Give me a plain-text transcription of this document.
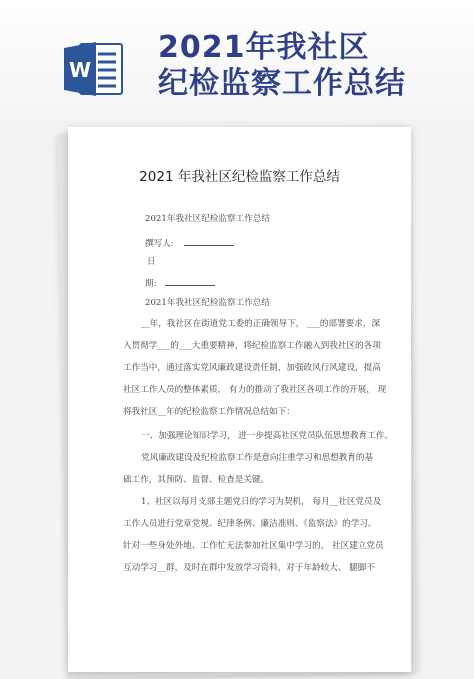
W
2021年我社区
纪检监察工作总结
2021 年我社区纪检监察工作总结
2021年我社区纪检监察工作总结
撰写人:
日
期:
2021年我社区纪检监察工作总结
__年，我社区在街道党工委的正确领导下， ___的部署要求，深
入贯彻学___的___大重要精神，将纪检监察工作融入到我社区的各项
工作当中，通过落实党风廉政建设责任制，加强政风行风建设，提高
社区工作人员的整体素质， 有力的推动了我社区各项工作的开展， 现
将我社区__年的纪检监察工作情况总结如下：
一、加强理论知识学习， 进一步提高社区党员队伍思想教育工作。
党风廉政建设及纪检监察工作是意向注重学习和思想教育的基
础工作，其预防、监督、检查是关键。
1、社区以每月支部主题党日的学习为契机， 每月__社区党员及
工作人员进行党章党规、纪律条例、廉洁准则、《监察法》的学习。
针对一些身处外地、工作忙无法参加社区集中学习的， 社区建立党员
互动学习__群，及时在群中发放学习资料，对于年龄较大、 腿脚不
